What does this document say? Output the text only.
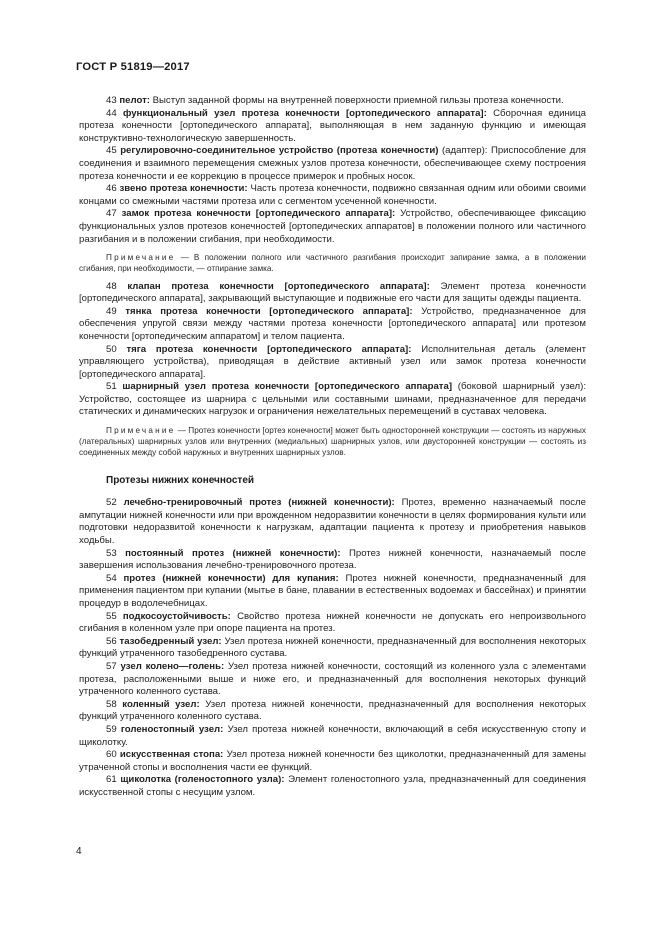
ГОСТ Р 51819—2017

43 пелот: Выступ заданной формы на внутренней поверхности приемной гильзы протеза конечности.

44 функциональный узел протеза конечности [ортопедического аппарата]: Сборочная единица протеза конечности [ортопедического аппарата], выполняющая в нем заданную функцию и имеющая конструктивно-технологическую завершенность.

45 регулировочно-соединительное устройство (протеза конечности) (адаптер): Приспособление для соединения и взаимного перемещения смежных узлов протеза конечности, обеспечивающее схему построения протеза конечности и ее коррекцию в процессе примерок и пробных носок.

46 звено протеза конечности: Часть протеза конечности, подвижно связанная одним или обоими своими концами со смежными частями протеза или с сегментом усеченной конечности.

47 замок протеза конечности [ортопедического аппарата]: Устройство, обеспечивающее фиксацию функциональных узлов протезов конечностей [ортопедических аппаратов] в положении полного или частичного разгибания и в положении сгибания, при необходимости.

Примечание — В положении полного или частичного разгибания происходит запирание замка, а в положении сгибания, при необходимости, — отпирание замка.

48 клапан протеза конечности [ортопедического аппарата]: Элемент протеза конечности [ортопедического аппарата], закрывающий выступающие и подвижные его части для защиты одежды пациента.

49 тянка протеза конечности [ортопедического аппарата]: Устройство, предназначенное для обеспечения упругой связи между частями протеза конечности [ортопедического аппарата] или протезом конечности [ортопедическим аппаратом] и телом пациента.

50 тяга протеза конечности [ортопедического аппарата]: Исполнительная деталь (элемент управляющего устройства), приводящая в действие активный узел или замок протеза конечности [ортопедического аппарата].

51 шарнирный узел протеза конечности [ортопедического аппарата] (боковой шарнирный узел): Устройство, состоящее из шарнира с цельными или составными шинами, предназначенное для передачи статических и динамических нагрузок и ограничения нежелательных перемещений в суставах человека.

Примечание — Протез конечности [ортез конечности] может быть односторонней конструкции — состоять из наружных (латеральных) шарнирных узлов или внутренних (медиальных) шарнирных узлов, или двусторонней конструкции — состоять из соединенных между собой наружных и внутренних шарнирных узлов.

Протезы нижних конечностей

52 лечебно-тренировочный протез (нижней конечности): Протез, временно назначаемый после ампутации нижней конечности или при врожденном недоразвитии конечности в целях формирования культи или подготовки недоразвитой конечности к нагрузкам, адаптации пациента к протезу и приобретения навыков ходьбы.

53 постоянный протез (нижней конечности): Протез нижней конечности, назначаемый после завершения использования лечебно-тренировочного протеза.

54 протез (нижней конечности) для купания: Протез нижней конечности, предназначенный для применения пациентом при купании (мытье в бане, плавании в естественных водоемах и бассейнах) и принятии процедур в водолечебницах.

55 подкосоустойчивость: Свойство протеза нижней конечности не допускать его непроизвольного сгибания в коленном узле при опоре пациента на протез.

56 тазобедренный узел: Узел протеза нижней конечности, предназначенный для восполнения некоторых функций утраченного тазобедренного сустава.

57 узел колено—голень: Узел протеза нижней конечности, состоящий из коленного узла с элементами протеза, расположенными выше и ниже его, и предназначенный для восполнения некоторых функций утраченного коленного сустава.

58 коленный узел: Узел протеза нижней конечности, предназначенный для восполнения некоторых функций утраченного коленного сустава.

59 голеностопный узел: Узел протеза нижней конечности, включающий в себя искусственную стопу и щиколотку.

60 искусственная стопа: Узел протеза нижней конечности без щиколотки, предназначенный для замены утраченной стопы и восполнения части ее функций.

61 щиколотка (голеностопного узла): Элемент голеностопного узла, предназначенный для соединения искусственной стопы с несущим узлом.

4
